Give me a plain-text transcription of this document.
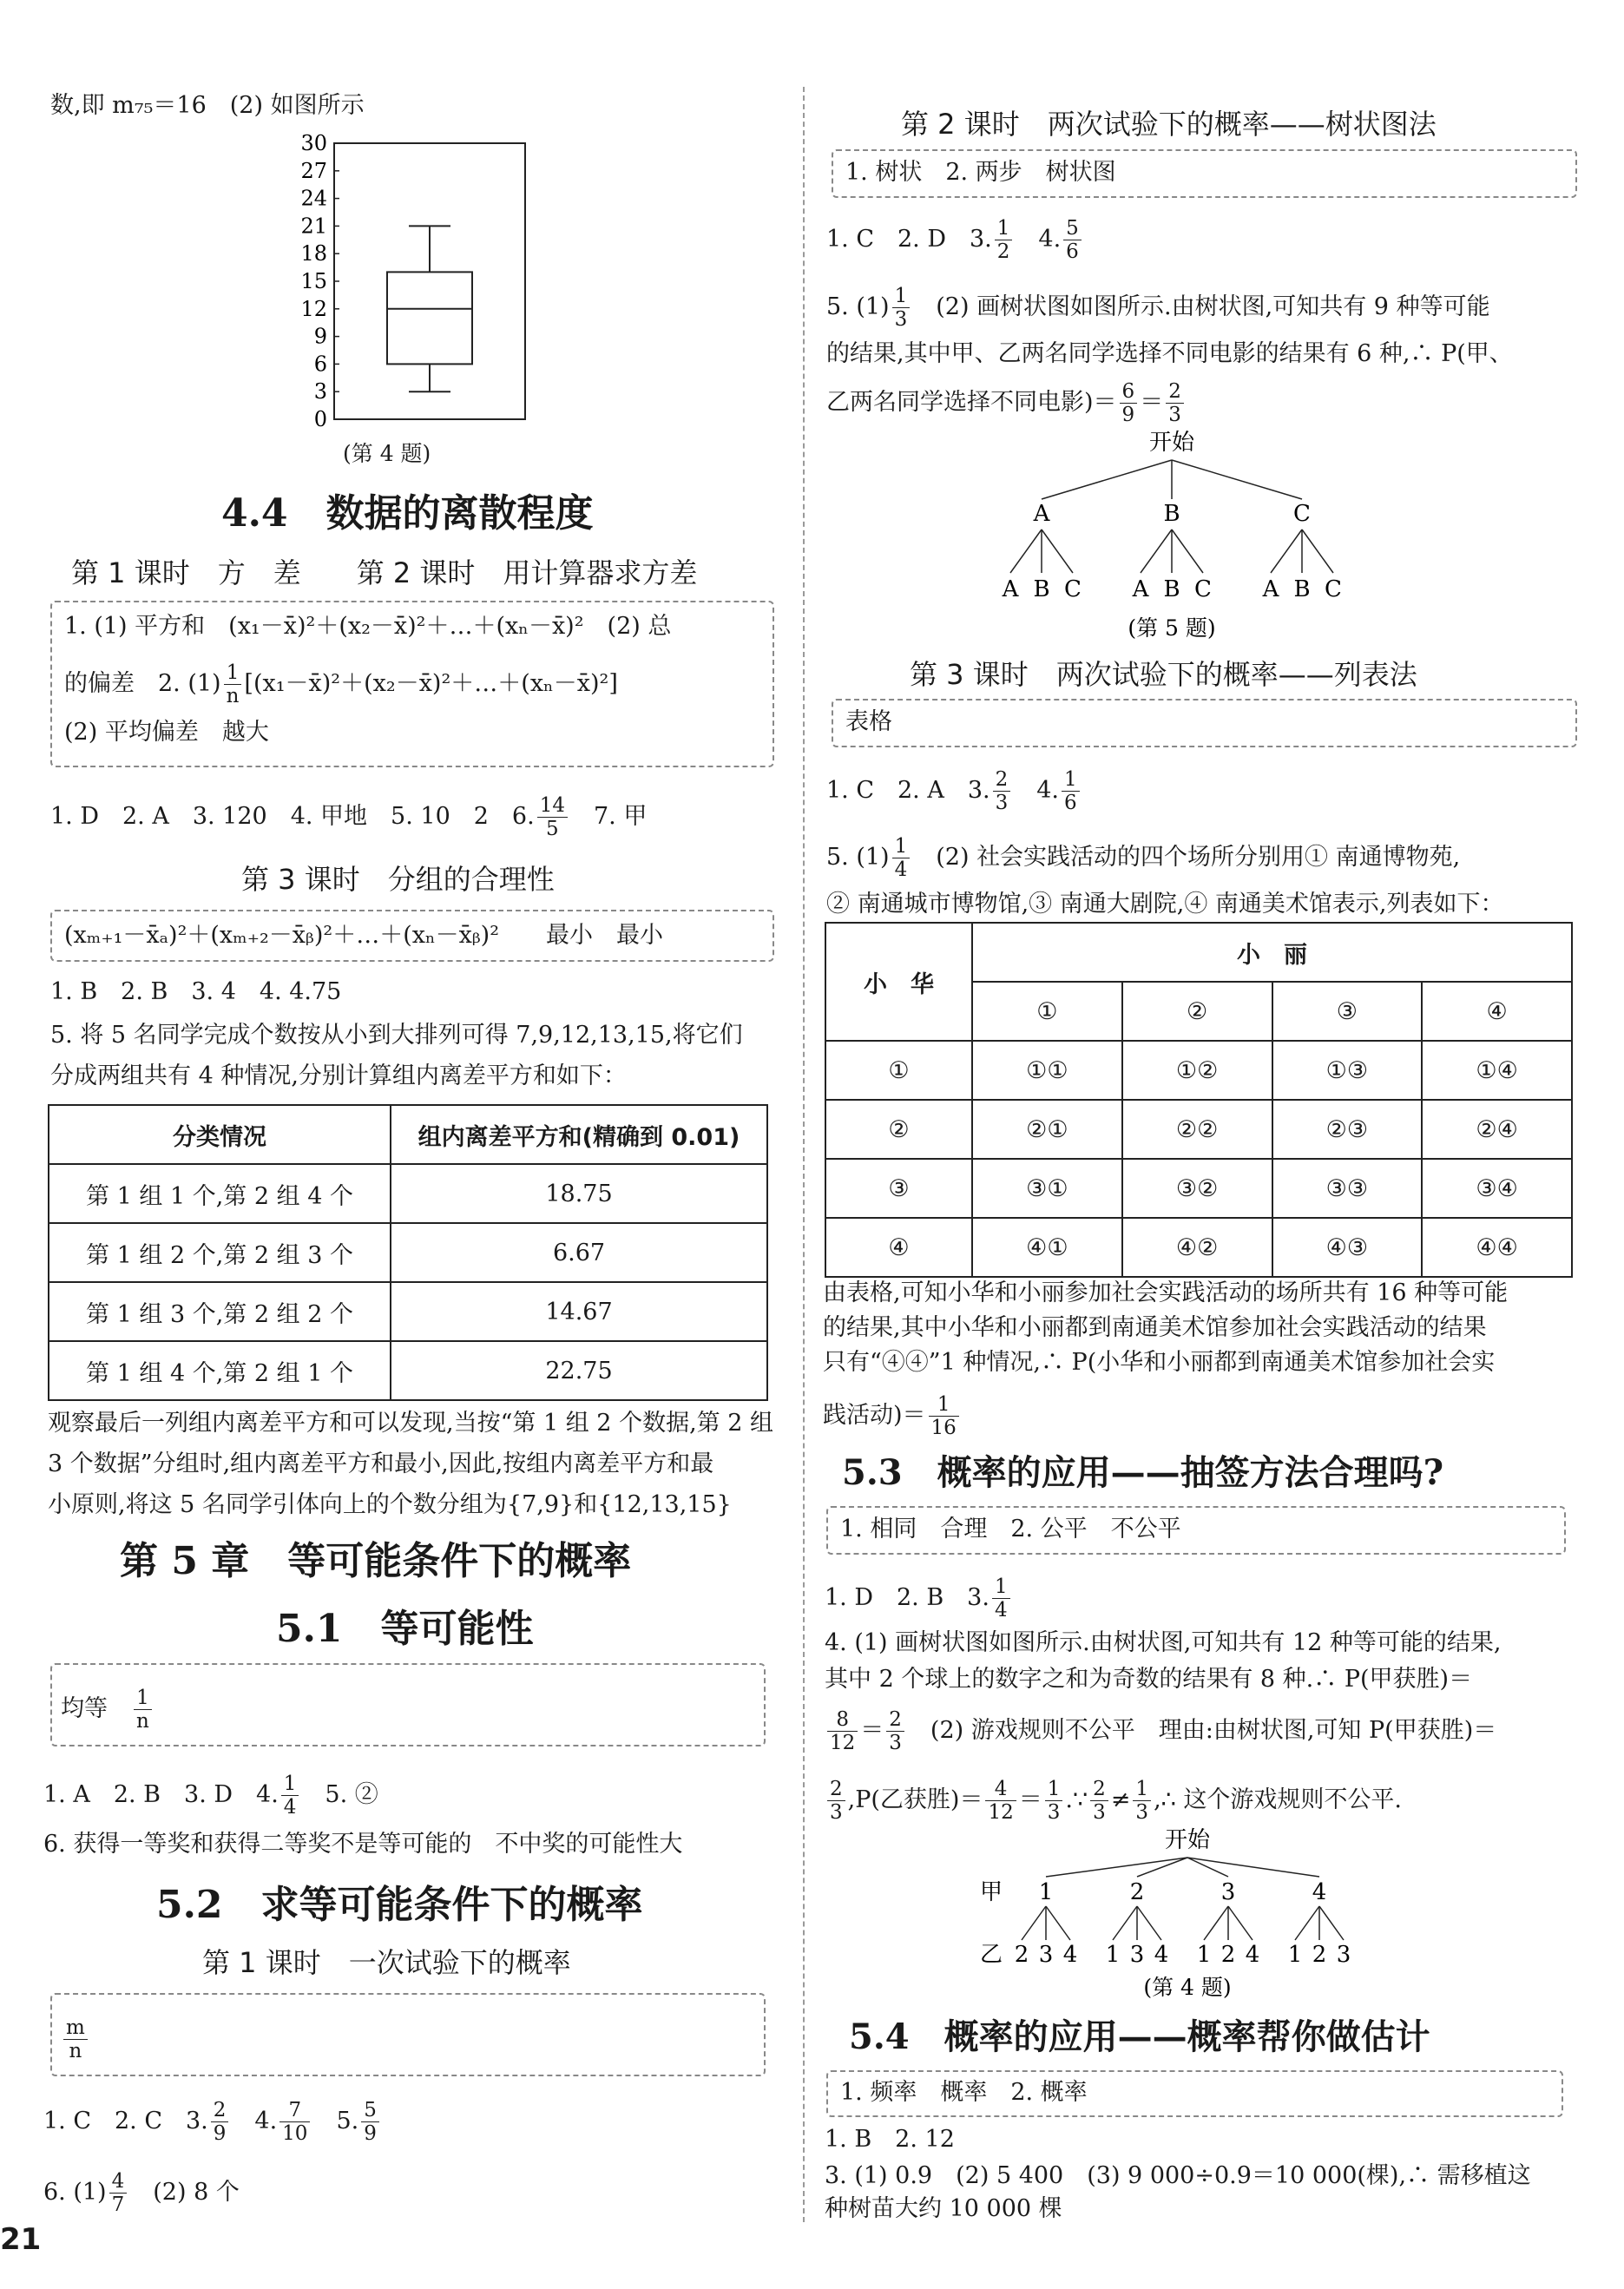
数,即 m₇₅＝16　(2) 如图所示
30
27
24
21
18
15
12
9
6
3
0
(第 4 题)
4.4　数据的离散程度
第 1 课时　方　差　　第 2 课时　用计算器求方差
1. (1) 平方和　(x₁－x̄)²＋(x₂－x̄)²＋…＋(xₙ－x̄)²　(2) 总
的偏差　2. $(1) \frac{1}{n}$ [(x₁－x̄)²＋(x₂－x̄)²＋…＋(xₙ－x̄)²]
(2) 平均偏差　越大
1. D　2. A　3. 120　4. 甲地　5. 10　2　6. $\frac{14}{5}$
　 7. 甲
第 3 课时　分组的合理性
(xₘ₊₁－x̄ₐ)²＋(xₘ₊₂－x̄ᵦ)²＋…＋(xₙ－x̄ᵦ)²　　最小　最小
1. B　2. B　3. 4　4. 4.75
5. 将 5 名同学完成个数按从小到大排列可得 7,9,12,13,15,将它们
分成两组共有 4 种情况,分别计算组内离差平方和如下：
分类情况	组内离差平方和(精确到 0.01)
第 1 组 1 个,第 2 组 4 个	18.75
第 1 组 2 个,第 2 组 3 个	6.67
第 1 组 3 个,第 2 组 2 个	14.67
第 1 组 4 个,第 2 组 1 个	22.75
观察最后一列组内离差平方和可以发现,当按“第 1 组 2 个数据,第 2 组
3 个数据”分组时,组内离差平方和最小,因此,按组内离差平方和最
小原则,将这 5 名同学引体向上的个数分组为{7,9}和{12,13,15}
第 5 章　等可能条件下的概率
5.1　等可能性
均等　 $\frac{1}{n}$
1. A　2. B　3. D　4. $\frac{1}{4}$
　 5. ②
6. 获得一等奖和获得二等奖不是等可能的　不中奖的可能性大
5.2　求等可能条件下的概率
第 1 课时　一次试验下的概率
$\frac{m}{n}$
1. C　2. C　3. $\frac{2}{9}$
　 4. $\frac{7}{10}$
　 5. $\frac{5}{9}$
6. $(1) \frac{4}{7}$
　 (2) 8 个
第 2 课时　两次试验下的概率——树状图法
1. 树状　2. 两步　树状图
1. C　2. D　3. $\frac{1}{2}$
　 4. $\frac{5}{6}$
5. $(1) \frac{1}{3}$
　 (2) 画树状图如图所示.由树状图,可知共有 9 种等可能
的结果,其中甲、乙两名同学选择不同电影的结果有 6 种,∴ P(甲、
乙两名同学选择不同电影)＝ $\frac{6}{9} = \frac{2}{3}$
开始
A
A B C
B
A B C
C
A B C
(第 5 题)
第 3 课时　两次试验下的概率——列表法
表格
1. C　2. A　3. $\frac{2}{3}$
　 4. $\frac{1}{6}$
5. $(1) \frac{1}{4}$
　 (2) 社会实践活动的四个场所分别用① 南通博物苑,
② 南通城市博物馆,③ 南通大剧院,④ 南通美术馆表示,列表如下：
小　华	小　丽			
	①	②	③	④
①	①①	①②	①③	①④
②	②①	②②	②③	②④
③	③①	③②	③③	③④
④	④①	④②	④③	④④
由表格,可知小华和小丽参加社会实践活动的场所共有 16 种等可能
的结果,其中小华和小丽都到南通美术馆参加社会实践活动的结果
只有“④④”1 种情况,∴ P(小华和小丽都到南通美术馆参加社会实
践活动)＝ $\frac{1}{16}$
5.3　概率的应用——抽签方法合理吗?
1. 相同　合理　2. 公平　不公平
1. D　2. B　3. $\frac{1}{4}$
4. (1) 画树状图如图所示.由树状图,可知共有 12 种等可能的结果,
其中 2 个球上的数字之和为奇数的结果有 8 种.∴ P(甲获胜)＝
$\frac{8}{12} = \frac{2}{3}$
　 (2) 游戏规则不公平　理由:由树状图,可知 P(甲获胜)＝
$\frac{2}{3} ,P$(乙获胜)＝ $\frac{4}{12} = \frac{1}{3}$ .∵ $\frac{2}{3} \ne \frac{1}{3}$ ,∴ 这个游戏规则不公平.
开始
甲
乙
1
2 3 4
2
1 3 4
3
1 2 4
4
1 2 3
(第 4 题)
5.4　概率的应用——概率帮你做估计
1. 频率　概率　2. 概率
1. B　2. 12
3. (1) 0.9　(2) 5 400　(3) 9 000÷0.9＝10 000(棵),∴ 需移植这
种树苗大约 10 000 棵
21
